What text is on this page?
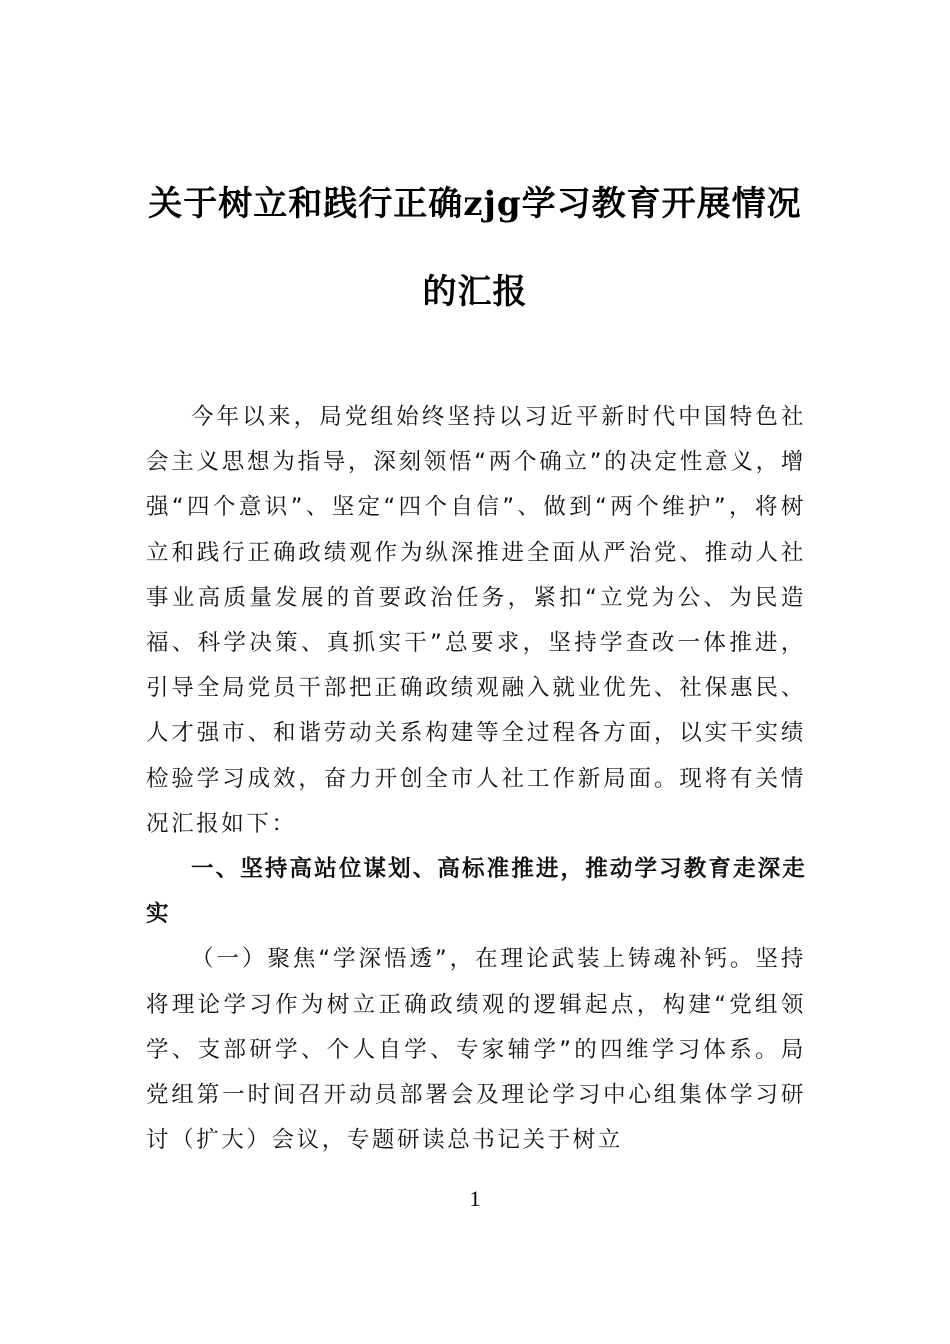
关于树立和践行正确zjg学习教育开展情况
的汇报

今年以来，局党组始终坚持以习近平新时代中国特色社会主义思想为指导，深刻领悟“两个确立”的决定性意义，增强“四个意识”、坚定“四个自信”、做到“两个维护”，将树立和践行正确政绩观作为纵深推进全面从严治党、推动人社事业高质量发展的首要政治任务，紧扣“立党为公、为民造福、科学决策、真抓实干”总要求，坚持学查改一体推进，引导全局党员干部把正确政绩观融入就业优先、社保惠民、人才强市、和谐劳动关系构建等全过程各方面，以实干实绩检验学习成效，奋力开创全市人社工作新局面。现将有关情况汇报如下：

一、坚持高站位谋划、高标准推进，推动学习教育走深走实

（一）聚焦“学深悟透”，在理论武装上铸魂补钙。坚持将理论学习作为树立正确政绩观的逻辑起点，构建“党组领学、支部研学、个人自学、专家辅学”的四维学习体系。局党组第一时间召开动员部署会及理论学习中心组集体学习研讨（扩大）会议，专题研读总书记关于树立

1
